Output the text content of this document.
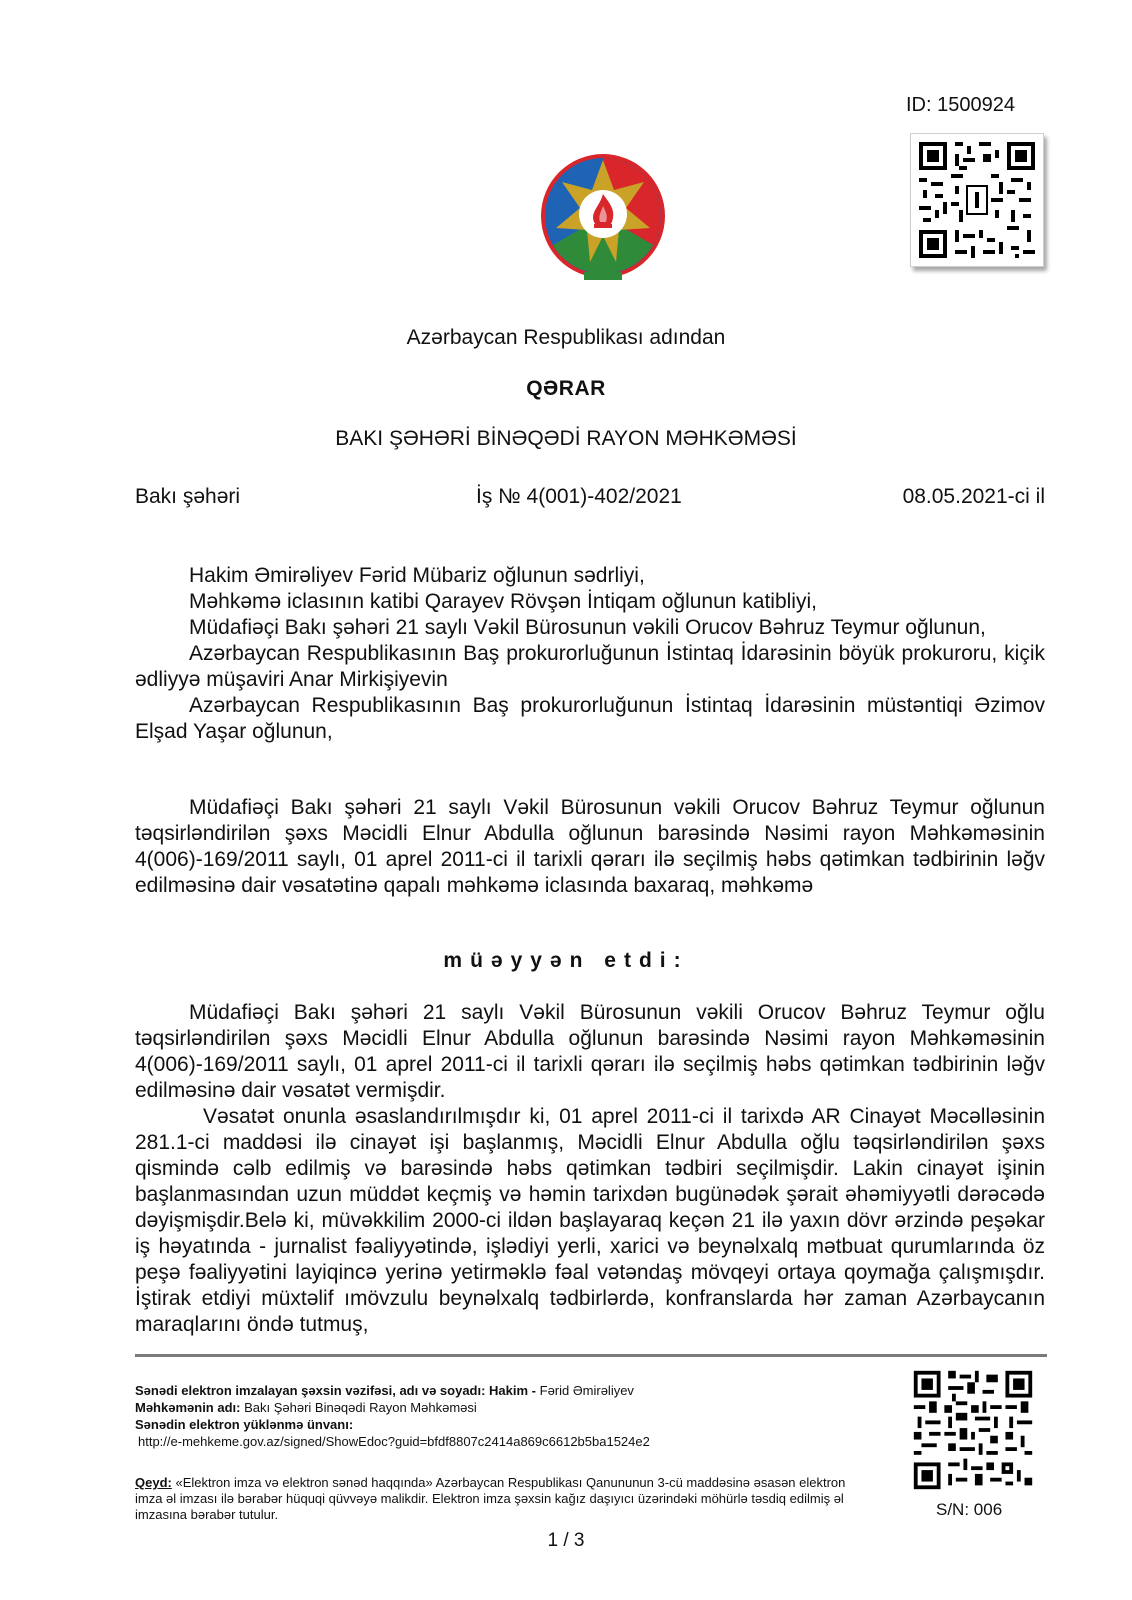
ID: 1500924
Azərbaycan Respublikası adından
QƏRAR
BAKI ŞƏHƏRİ BİNƏQƏDİ RAYON MƏHKƏMƏSİ
Bakı şəhəri	İş № 4(001)-402/2021	08.05.2021-ci il

Hakim Əmirəliyev Fərid Mübariz oğlunun sədrliyi,

Məhkəmə iclasının katibi Qarayev Rövşən İntiqam oğlunun katibliyi,

Müdafiəçi Bakı şəhəri 21 saylı Vəkil Bürosunun vəkili Orucov Bəhruz Teymur oğlunun,

Azərbaycan Respublikasının Baş prokurorluğunun İstintaq İdarəsinin böyük prokuroru, kiçik ədliyyə müşaviri Anar Mirkişiyevin

Azərbaycan Respublikasının Baş prokurorluğunun İstintaq İdarəsinin müstəntiqi Əzimov Elşad Yaşar oğlunun,

Müdafiəçi Bakı şəhəri 21 saylı Vəkil Bürosunun vəkili Orucov Bəhruz Teymur oğlunun təqsirləndirilən şəxs Məcidli Elnur Abdulla oğlunun barəsində Nəsimi rayon Məhkəməsinin 4(006)-169/2011 saylı, 01 aprel 2011-ci il tarixli qərarı ilə seçilmiş həbs qətimkan tədbirinin ləğv edilməsinə dair vəsatətinə qapalı məhkəmə iclasında baxaraq, məhkəmə

müəyyən etdi:

Müdafiəçi Bakı şəhəri 21 saylı Vəkil Bürosunun vəkili Orucov Bəhruz Teymur oğlu təqsirləndirilən şəxs Məcidli Elnur Abdulla oğlunun barəsində Nəsimi rayon Məhkəməsinin 4(006)-169/2011 saylı, 01 aprel 2011-ci il tarixli qərarı ilə seçilmiş həbs qətimkan tədbirinin ləğv edilməsinə dair vəsatət vermişdir.

Vəsatət onunla əsaslandırılmışdır ki, 01 aprel 2011-ci il tarixdə AR Cinayət Məcəlləsinin 281.1-ci maddəsi ilə cinayət işi başlanmış, Məcidli Elnur Abdulla oğlu təqsirləndirilən şəxs qismində cəlb edilmiş və barəsində həbs qətimkan tədbiri seçilmişdir. Lakin cinayət işinin başlanmasından uzun müddət keçmiş və həmin tarixdən bugünədək şərait əhəmiyyətli dərəcədə dəyişmişdir.Belə ki, müvəkkilim 2000-ci ildən başlayaraq keçən 21 ilə yaxın dövr ərzində peşəkar iş həyatında - jurnalist fəaliyyətində, işlədiyi yerli, xarici və beynəlxalq mətbuat qurumlarında öz peşə fəaliyyətini layiqincə yerinə yetirməklə fəal vətəndaş mövqeyi ortaya qoymağa çalışmışdır. İştirak etdiyi müxtəlif ımövzulu beynəlxalq tədbirlərdə, konfranslarda hər zaman Azərbaycanın maraqlarını öndə tutmuş,

Sənədi elektron imzalayan şəxsin vəzifəsi, adı və soyadı: Hakim - Fərid Əmirəliyev
Məhkəmənin adı: Bakı Şəhəri Binəqədi Rayon Məhkəməsi
Sənədin elektron yüklənmə ünvanı:
http://e-mehkeme.gov.az/signed/ShowEdoc?guid=bfdf8807c2414a869c6612b5ba1524e2
Qeyd: «Elektron imza və elektron sənəd haqqında» Azərbaycan Respublikası Qanununun 3-cü maddəsinə əsasən elektron imza əl imzası ilə bərabər hüquqi qüvvəyə malikdir. Elektron imza şəxsin kağız daşıyıcı üzərindəki möhürlə təsdiq edilmiş əl imzasına bərabər tutulur.	S/N: 006
1 / 3
